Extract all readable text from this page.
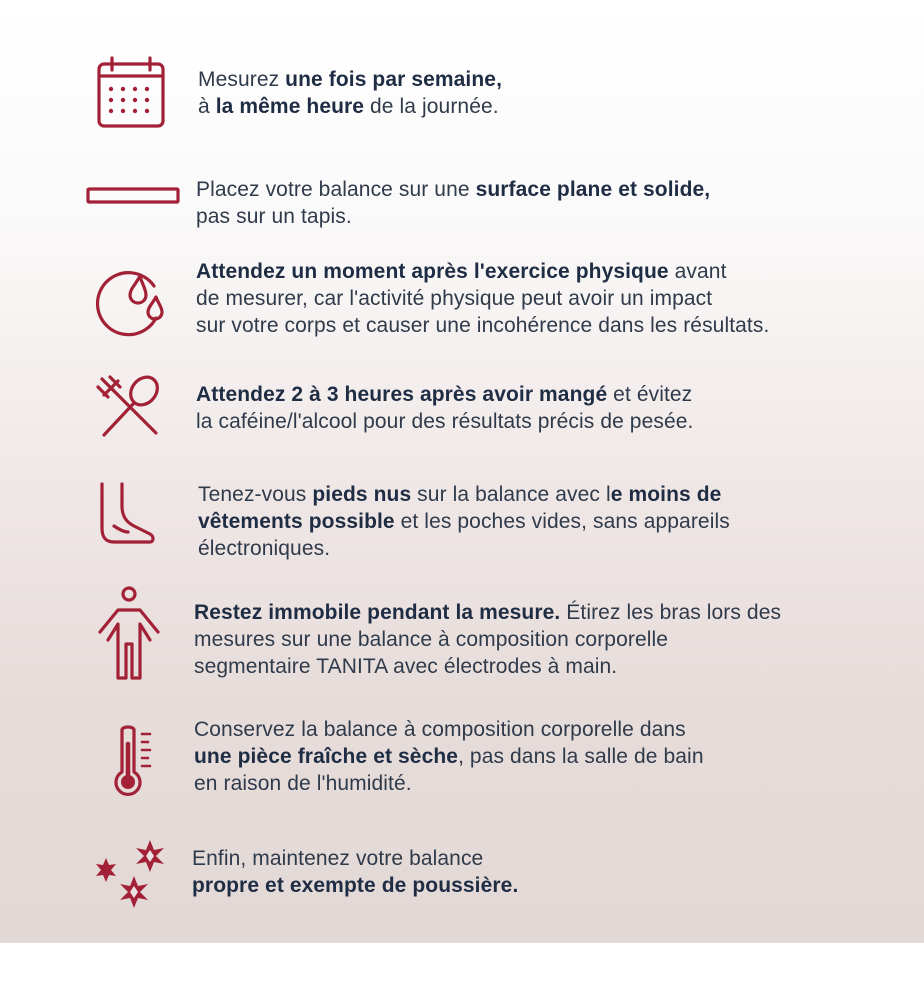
Mesurez une fois par semaine,
à la même heure de la journée.
Placez votre balance sur une surface plane et solide,
pas sur un tapis.
Attendez un moment après l'exercice physique avant
de mesurer, car l'activité physique peut avoir un impact
sur votre corps et causer une incohérence dans les résultats.
Attendez 2 à 3 heures après avoir mangé et évitez
la caféine/l'alcool pour des résultats précis de pesée.
Tenez-vous pieds nus sur la balance avec le moins de
vêtements possible et les poches vides, sans appareils
électroniques.
Restez immobile pendant la mesure. Étirez les bras lors des
mesures sur une balance à composition corporelle
segmentaire TANITA avec électrodes à main.
Conservez la balance à composition corporelle dans
une pièce fraîche et sèche, pas dans la salle de bain
en raison de l'humidité.
Enfin, maintenez votre balance
propre et exempte de poussière.
